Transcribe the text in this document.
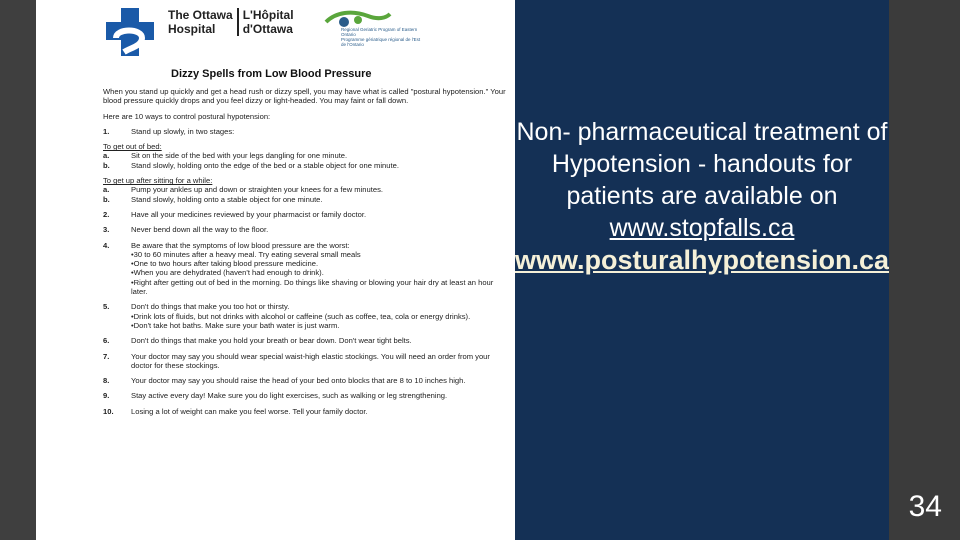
The Ottawa
HospitalL'Hôpital
d'Ottawa	Regional Geriatric Program of Eastern Ontario
Programme gériatrique régional de l'Est de l'Ontario
Dizzy Spells from Low Blood Pressure

When you stand up quickly and get a head rush or dizzy spell, you may have what is called "postural hypotension." Your blood pressure quickly drops and you feel dizzy or light-headed. You may faint or fall down.

Here are 10 ways to control postural hypotension:

1.	Stand up slowly, in two stages:
To get out of bed:
a.	Sit on the side of the bed with your legs dangling for one minute.
b.	Stand slowly, holding onto the edge of the bed or a stable object for one minute.
To get up after sitting for a while:
a.	Pump your ankles up and down or straighten your knees for a few minutes.
b.	Stand slowly, holding onto a stable object for one minute.
2.	Have all your medicines reviewed by your pharmacist or family doctor.
3.	Never bend down all the way to the floor.
4.	Be aware that the symptoms of low blood pressure are the worst:
•30 to 60 minutes after a heavy meal. Try eating several small meals
•One to two hours after taking blood pressure medicine.
•When you are dehydrated (haven't had enough to drink).
•Right after getting out of bed in the morning. Do things like shaving or blowing your hair dry at least an hour later.
5.	Don't do things that make you too hot or thirsty.
•Drink lots of fluids, but not drinks with alcohol or caffeine (such as coffee, tea, cola or energy drinks).
•Don't take hot baths. Make sure your bath water is just warm.
6.	Don't do things that make you hold your breath or bear down. Don't wear tight belts.
7.	Your doctor may say you should wear special waist-high elastic stockings. You will need an order from your doctor for these stockings.
8.	Your doctor may say you should raise the head of your bed onto blocks that are 8 to 10 inches high.
9.	Stay active every day! Make sure you do light exercises, such as walking or leg strengthening.
10.	Losing a lot of weight can make you feel worse. Tell your family doctor.
Non- pharmaceutical treatment of Hypotension - handouts for patients are available on
www.stopfalls.ca
www.posturalhypotension.ca
34
